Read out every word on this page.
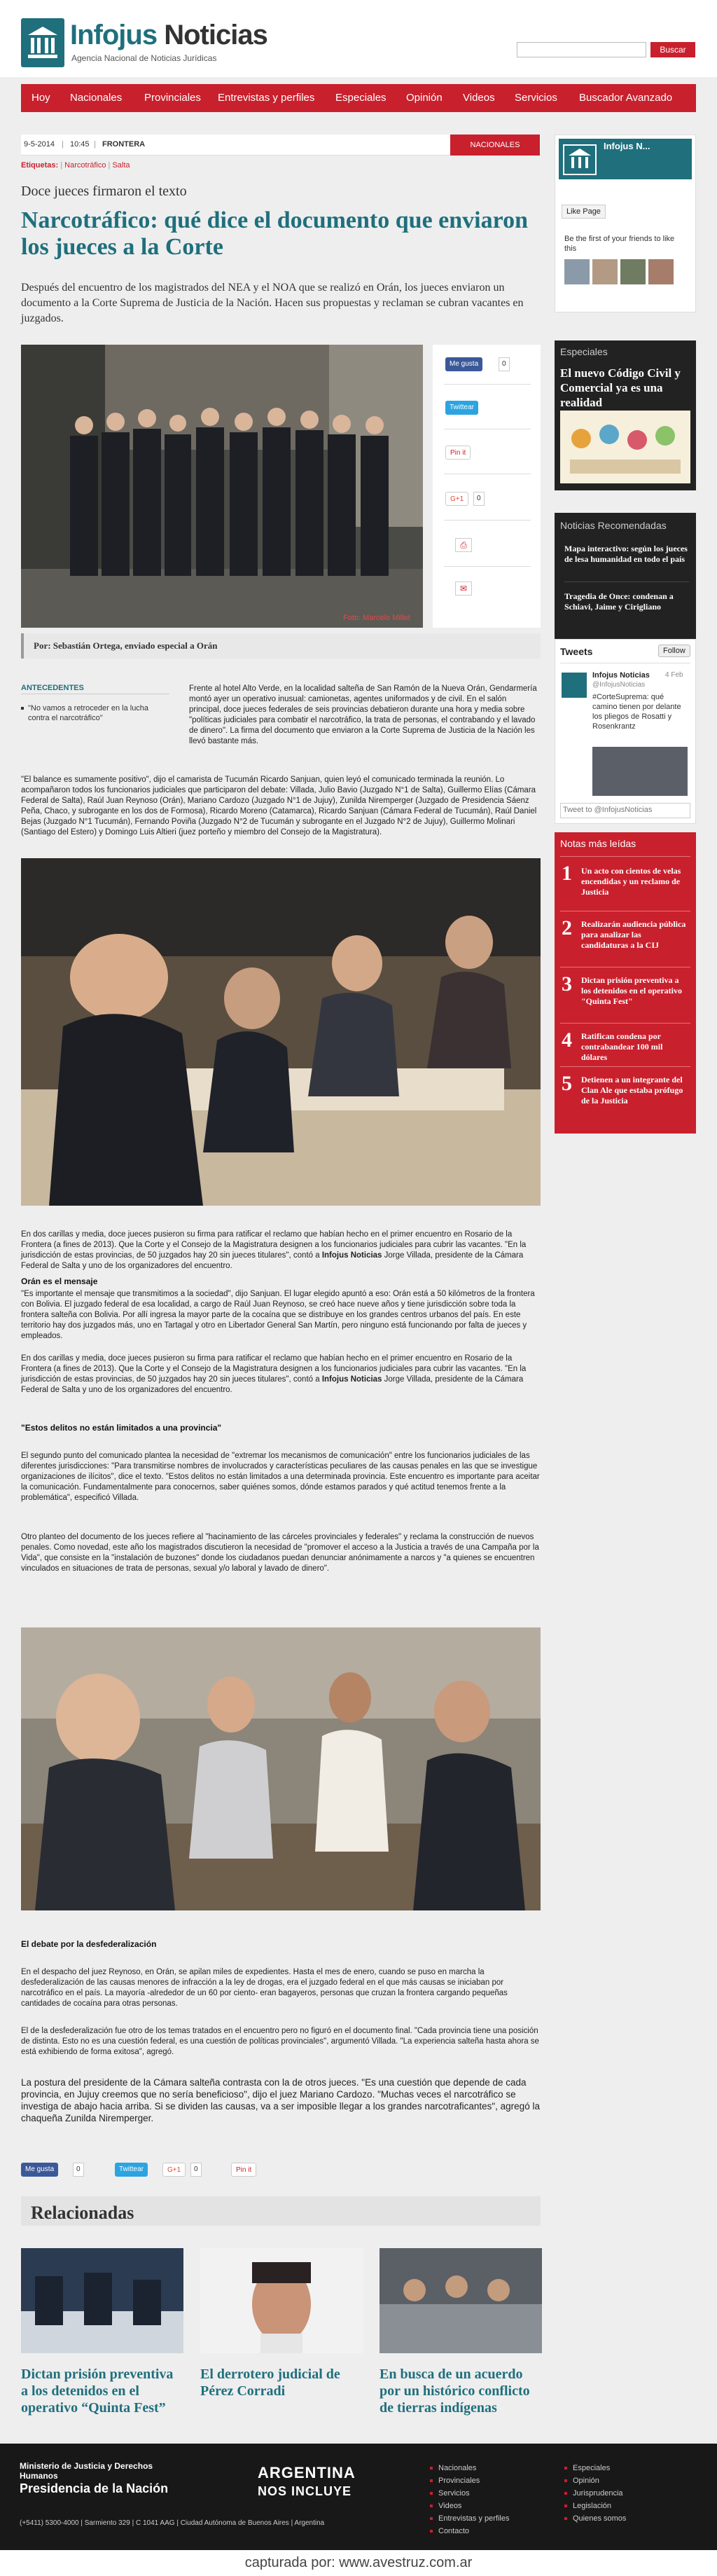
Infojus Noticias
Agencia Nacional de Noticias Jurídicas
Buscar
Hoy Nacionales Provinciales Entrevistas y perfiles Especiales Opinión Videos Servicios Buscador Avanzado
9-5-2014 | 10:45 | FRONTERA	NACIONALES
Etiquetas: | Narcotráfico | Salta
Doce jueces firmaron el texto
Narcotráfico: qué dice el documento que enviaron los jueces a la Corte
Después del encuentro de los magistrados del NEA y el NOA que se realizó en Orán, los jueces enviaron un documento a la Corte Suprema de Justicia de la Nación. Hacen sus propuestas y reclaman se cubran vacantes en juzgados.
Foto: Marcelo Millet
Me gusta	0
Twittear
Pin it
G+1	0
⎙
✉
Por: Sebastián Ortega, enviado especial a Orán
ANTECEDENTES
"No vamos a retroceder en la lucha contra el narcotráfico"
Frente al hotel Alto Verde, en la localidad salteña de San Ramón de la Nueva Orán, Gendarmería montó ayer un operativo inusual: camionetas, agentes uniformados y de civil. En el salón principal, doce jueces federales de seis provincias debatieron durante una hora y media sobre "políticas judiciales para combatir el narcotráfico, la trata de personas, el contrabando y el lavado de dinero". La firma del documento que enviaron a la Corte Suprema de Justicia de la Nación les llevó bastante más.
"El balance es sumamente positivo", dijo el camarista de Tucumán Ricardo Sanjuan, quien leyó el comunicado terminada la reunión. Lo acompañaron todos los funcionarios judiciales que participaron del debate: Villada, Julio Bavio (Juzgado N°1 de Salta), Guillermo Elías (Cámara Federal de Salta), Raúl Juan Reynoso (Orán), Mariano Cardozo (Juzgado N°1 de Jujuy), Zunilda Niremperger (Juzgado de Presidencia Sáenz Peña, Chaco, y subrogante en los dos de Formosa), Ricardo Moreno (Catamarca), Ricardo Sanjuan (Cámara Federal de Tucumán), Raúl Daniel Bejas (Juzgado N°1 Tucumán), Fernando Poviña (Juzgado N°2 de Tucumán y subrogante en el Juzgado N°2 de Jujuy), Guillermo Molinari (Santiago del Estero) y Domingo Luis Altieri (juez porteño y miembro del Consejo de la Magistratura).
En dos carillas y media, doce jueces pusieron su firma para ratificar el reclamo que habían hecho en el primer encuentro en Rosario de la Frontera (a fines de 2013). Que la Corte y el Consejo de la Magistratura designen a los funcionarios judiciales para cubrir las vacantes. "En la jurisdicción de estas provincias, de 50 juzgados hay 20 sin jueces titulares", contó a Infojus Noticias Jorge Villada, presidente de la Cámara Federal de Salta y uno de los organizadores del encuentro.
Orán es el mensaje
"Es importante el mensaje que transmitimos a la sociedad", dijo Sanjuan. El lugar elegido apuntó a eso: Orán está a 50 kilómetros de la frontera con Bolivia. El juzgado federal de esa localidad, a cargo de Raúl Juan Reynoso, se creó hace nueve años y tiene jurisdicción sobre toda la frontera salteña con Bolivia. Por allí ingresa la mayor parte de la cocaína que se distribuye en los grandes centros urbanos del país. En este territorio hay dos juzgados más, uno en Tartagal y otro en Libertador General San Martín, pero ninguno está funcionando por falta de jueces y empleados.
En dos carillas y media, doce jueces pusieron su firma para ratificar el reclamo que habían hecho en el primer encuentro en Rosario de la Frontera (a fines de 2013). Que la Corte y el Consejo de la Magistratura designen a los funcionarios judiciales para cubrir las vacantes. "En la jurisdicción de estas provincias, de 50 juzgados hay 20 sin jueces titulares", contó a Infojus Noticias Jorge Villada, presidente de la Cámara Federal de Salta y uno de los organizadores del encuentro.
"Estos delitos no están limitados a una provincia"
El segundo punto del comunicado plantea la necesidad de "extremar los mecanismos de comunicación" entre los funcionarios judiciales de las diferentes jurisdicciones: "Para transmitirse nombres de involucrados y características peculiares de las causas penales en las que se investigue organizaciones de ilícitos", dice el texto. "Estos delitos no están limitados a una determinada provincia. Este encuentro es importante para aceitar la comunicación. Fundamentalmente para conocernos, saber quiénes somos, dónde estamos parados y qué actitud tenemos frente a la problemática", especificó Villada.
Otro planteo del documento de los jueces refiere al "hacinamiento de las cárceles provinciales y federales" y reclama la construcción de nuevos penales. Como novedad, este año los magistrados discutieron la necesidad de "promover el acceso a la Justicia a través de una Campaña por la Vida", que consiste en la "instalación de buzones" donde los ciudadanos puedan denunciar anónimamente a narcos y "a quienes se encuentren vinculados en situaciones de trata de personas, sexual y/o laboral y lavado de dinero".
El debate por la desfederalización
En el despacho del juez Reynoso, en Orán, se apilan miles de expedientes. Hasta el mes de enero, cuando se puso en marcha la desfederalización de las causas menores de infracción a la ley de drogas, era el juzgado federal en el que más causas se iniciaban por narcotráfico en el país. La mayoría -alrededor de un 60 por ciento- eran bagayeros, personas que cruzan la frontera cargando pequeñas cantidades de cocaína para otras personas.
El de la desfederalización fue otro de los temas tratados en el encuentro pero no figuró en el documento final. "Cada provincia tiene una posición de distinta. Esto no es una cuestión federal, es una cuestión de políticas provinciales", argumentó Villada. "La experiencia salteña hasta ahora se está exhibiendo de forma exitosa", agregó.
La postura del presidente de la Cámara salteña contrasta con la de otros jueces. "Es una cuestión que depende de cada provincia, en Jujuy creemos que no sería beneficioso", dijo el juez Mariano Cardozo. "Muchas veces el narcotráfico se investiga de abajo hacia arriba. Si se dividen las causas, va a ser imposible llegar a los grandes narcotraficantes", agregó la chaqueña Zunilda Niremperger.
Me gusta	0	Twittear	G+1	0	Pin it
Relacionadas
Dictan prisión preventiva a los detenidos en el operativo “Quinta Fest”
El derrotero judicial de Pérez Corradi
En busca de un acuerdo por un histórico conflicto de tierras indígenas
Infojus N...
Like Page
Be the first of your friends to like this
Especiales
El nuevo Código Civil y Comercial ya es una realidad
Noticias Recomendadas
Mapa interactivo: según los jueces de lesa humanidad en todo el país
Tragedia de Once: condenan a Schiavi, Jaime y Cirigliano
Tweets	Follow
Infojus Noticias 4 Feb
@InfojusNoticias
#CorteSuprema: qué camino tienen por delante los pliegos de Rosatti y Rosenkrantz
Tweet to @InfojusNoticias
Notas más leídas
1 Un acto con cientos de velas encendidas y un reclamo de Justicia
2 Realizarán audiencia pública para analizar las candidaturas a la CIJ
3 Dictan prisión preventiva a los detenidos en el operativo "Quinta Fest"
4 Ratifican condena por contrabandear 100 mil dólares
5 Detienen a un integrante del Clan Ale que estaba prófugo de la Justicia
Ministerio de Justicia y Derechos Humanos
Presidencia de la Nación
(+5411) 5300-4000 | Sarmiento 329 | C 1041 AAG | Ciudad Autónoma de Buenos Aires | Argentina
ARGENTINA
NOS INCLUYE
Nacionales
Provinciales
Servicios
Videos
Entrevistas y perfiles
Contacto
Especiales
Opinión
Jurisprudencia
Legislación
Quienes somos
capturada por: www.avestruz.com.ar
